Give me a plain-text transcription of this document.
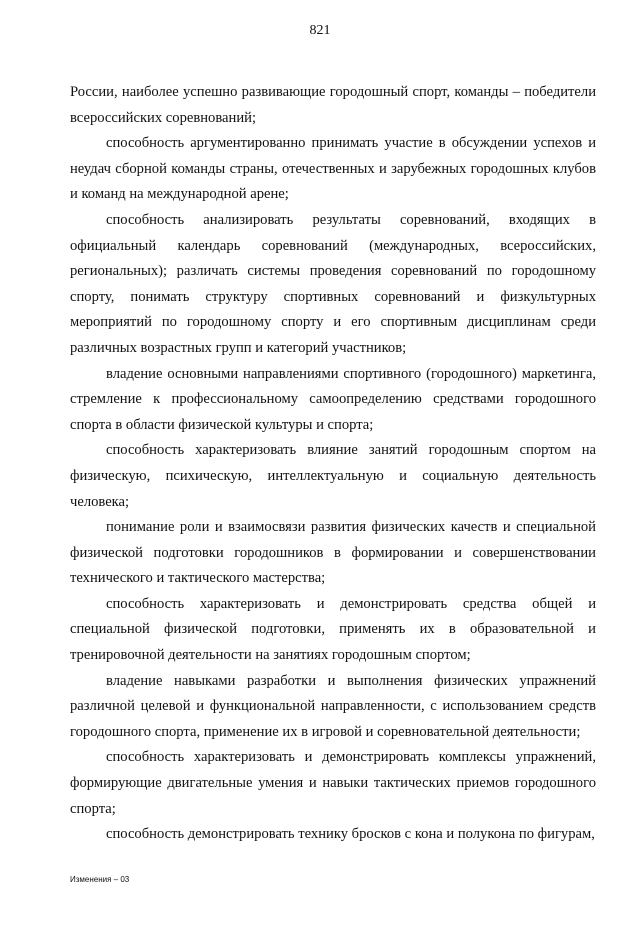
821

России, наиболее успешно развивающие городошный спорт, команды – победители всероссийских соревнований;

способность аргументированно принимать участие в обсуждении успехов и неудач сборной команды страны, отечественных и зарубежных городошных клубов и команд на международной арене;

способность анализировать результаты соревнований, входящих в официальный календарь соревнований (международных, всероссийских, региональных); различать системы проведения соревнований по городошному спорту, понимать структуру спортивных соревнований и физкультурных мероприятий по городошному спорту и его спортивным дисциплинам среди различных возрастных групп и категорий участников;

владение основными направлениями спортивного (городошного) маркетинга, стремление к профессиональному самоопределению средствами городошного спорта в области физической культуры и спорта;

способность характеризовать влияние занятий городошным спортом на физическую, психическую, интеллектуальную и социальную деятельность человека;

понимание роли и взаимосвязи развития физических качеств и специальной физической подготовки городошников в формировании и совершенствовании технического и тактического мастерства;

способность характеризовать и демонстрировать средства общей и специальной физической подготовки, применять их в образовательной и тренировочной деятельности на занятиях городошным спортом;

владение навыками разработки и выполнения физических упражнений различной целевой и функциональной направленности, с использованием средств городошного спорта, применение их в игровой и соревновательной деятельности;

способность характеризовать и демонстрировать комплексы упражнений, формирующие двигательные умения и навыки тактических приемов городошного спорта;

способность демонстрировать технику бросков с кона и полукона по фигурам,

Изменения – 03
